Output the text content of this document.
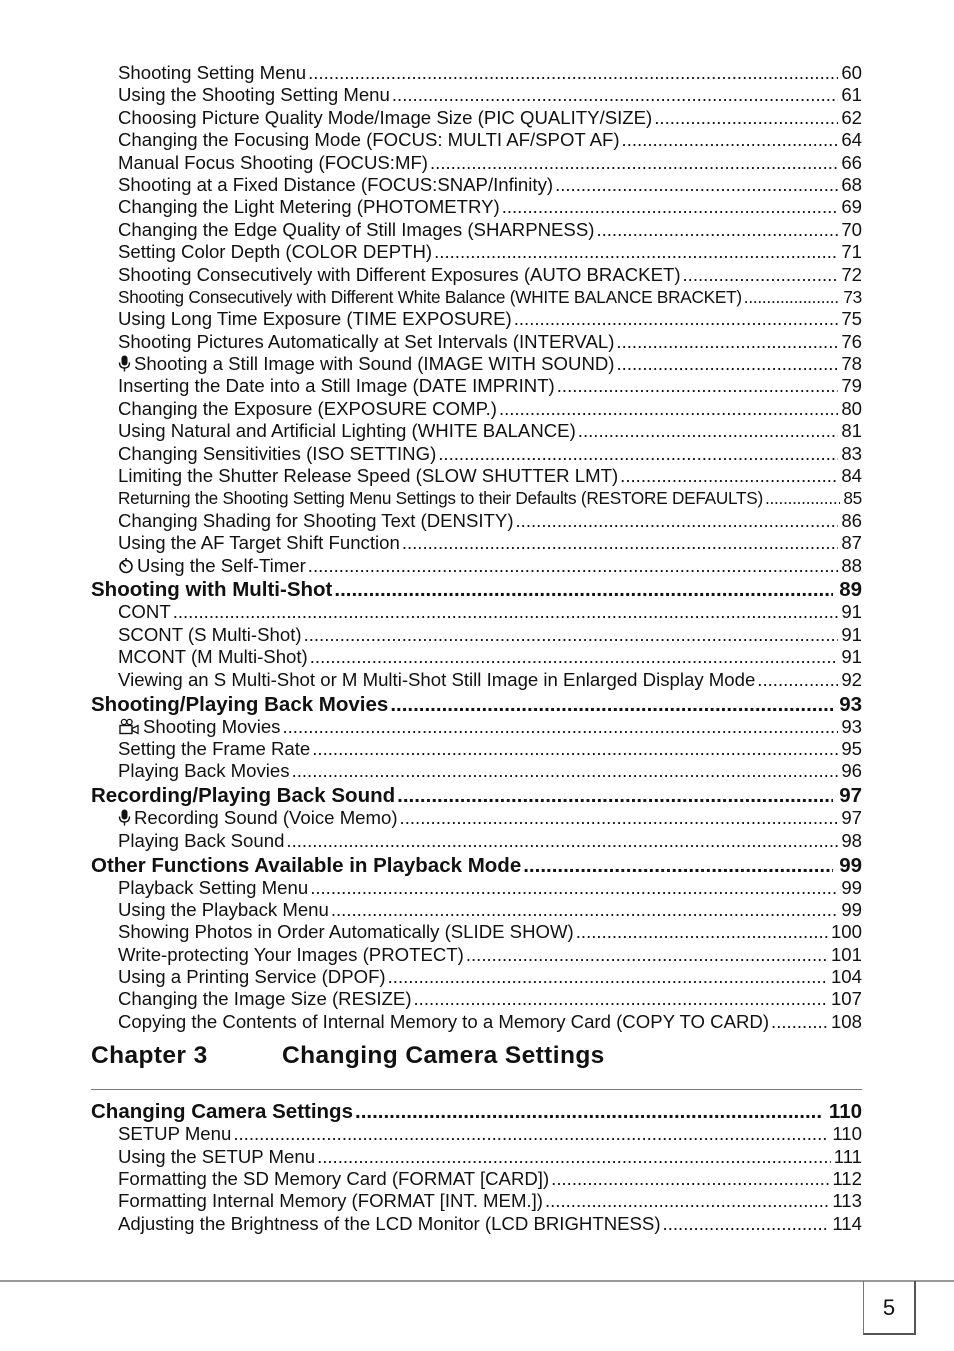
Shooting Setting Menu .....	60
Using the Shooting Setting Menu .....	61
Choosing Picture Quality Mode/Image Size (PIC QUALITY/SIZE) .....	62
Changing the Focusing Mode (FOCUS: MULTI AF/SPOT AF) .....	64
Manual Focus Shooting (FOCUS:MF) .....	66
Shooting at a Fixed Distance (FOCUS:SNAP/Infinity) .....	68
Changing the Light Metering (PHOTOMETRY) .....	69
Changing the Edge Quality of Still Images (SHARPNESS) .....	70
Setting Color Depth (COLOR DEPTH) .....	71
Shooting Consecutively with Different Exposures (AUTO BRACKET) .....	72
Shooting Consecutively with Different White Balance (WHITE BALANCE BRACKET) .....	73
Using Long Time Exposure (TIME EXPOSURE) .....	75
Shooting Pictures Automatically at Set Intervals (INTERVAL) .....	76
Shooting a Still Image with Sound (IMAGE WITH SOUND) .....	78
Inserting the Date into a Still Image (DATE IMPRINT) .....	79
Changing the Exposure (EXPOSURE COMP.) .....	80
Using Natural and Artificial Lighting (WHITE BALANCE) .....	81
Changing Sensitivities (ISO SETTING) .....	83
Limiting the Shutter Release Speed (SLOW SHUTTER LMT) .....	84
Returning the Shooting Setting Menu Settings to their Defaults (RESTORE DEFAULTS) .....	85
Changing Shading for Shooting Text (DENSITY) .....	86
Using the AF Target Shift Function .....	87
Using the Self-Timer .....	88
Shooting with Multi-Shot .....	89
CONT .....	91
SCONT (S Multi-Shot) .....	91
MCONT (M Multi-Shot) .....	91
Viewing an S Multi-Shot or M Multi-Shot Still Image in Enlarged Display Mode .....	92
Shooting/Playing Back Movies .....	93
Shooting Movies .....	93
Setting the Frame Rate .....	95
Playing Back Movies .....	96
Recording/Playing Back Sound .....	97
Recording Sound (Voice Memo) .....	97
Playing Back Sound .....	98
Other Functions Available in Playback Mode .....	99
Playback Setting Menu .....	99
Using the Playback Menu .....	99
Showing Photos in Order Automatically (SLIDE SHOW) .....	100
Write-protecting Your Images (PROTECT) .....	101
Using a Printing Service (DPOF) .....	104
Changing the Image Size (RESIZE) .....	107
Copying the Contents of Internal Memory to a Memory Card (COPY TO CARD) .....	108
Chapter 3	Changing Camera Settings
Changing Camera Settings .....	110
SETUP Menu .....	110
Using the SETUP Menu .....	111
Formatting the SD Memory Card (FORMAT [CARD]) .....	112
Formatting Internal Memory (FORMAT [INT. MEM.]) .....	113
Adjusting the Brightness of the LCD Monitor (LCD BRIGHTNESS) .....	114
5
